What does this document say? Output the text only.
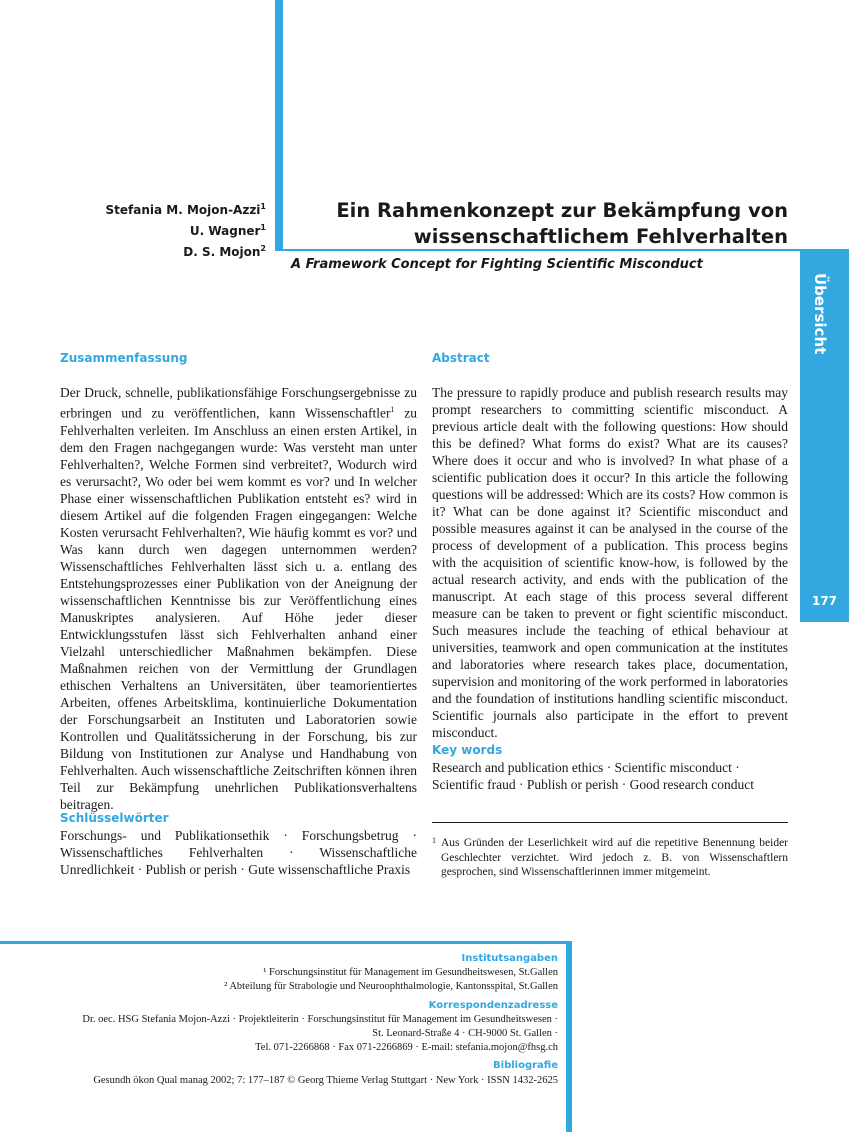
Übersicht
177
Stefania M. Mojon-Azzi$^1$
U. Wagner$^1$
D. S. Mojon$^2$
Ein Rahmenkonzept zur Bekämpfung von
wissenschaftlichem Fehlverhalten
A Framework Concept for Fighting Scientific Misconduct
Zusammenfassung

Der Druck, schnelle, publikationsfähige Forschungsergebnisse zu erbringen und zu veröffentlichen, kann Wissenschaftler$^1$ zu Fehlverhalten verleiten. Im Anschluss an einen ersten Artikel, in dem den Fragen nachgegangen wurde: Was versteht man unter Fehlverhalten?, Welche Formen sind verbreitet?, Wodurch wird es verursacht?, Wo oder bei wem kommt es vor? und In welcher Phase einer wissenschaftlichen Publikation entsteht es? wird in diesem Artikel auf die folgenden Fragen eingegangen: Welche Kosten verursacht Fehlverhalten?, Wie häufig kommt es vor? und Was kann durch wen dagegen unternommen werden? Wissenschaftliches Fehlverhalten lässt sich u. a. entlang des Entstehungsprozesses einer Publikation von der Aneignung der wissenschaftlichen Kenntnisse bis zur Veröffentlichung eines Manuskriptes analysieren. Auf Höhe jeder dieser Entwicklungsstufen lässt sich Fehlverhalten anhand einer Vielzahl unterschiedlicher Maßnahmen bekämpfen. Diese Maßnahmen reichen von der Vermittlung der Grundlagen ethischen Verhaltens an Universitäten, über teamorientiertes Arbeiten, offenes Arbeitsklima, kontinuierliche Dokumentation der Forschungsarbeit an Instituten und Laboratorien sowie Kontrollen und Qualitätssicherung in der Forschung, bis zur Bildung von Institutionen zur Analyse und Handhabung von Fehlverhalten. Auch wissenschaftliche Zeitschriften können ihren Teil zur Bekämpfung unehrlichen Publikationsverhaltens beitragen.

Schlüsselwörter

Forschungs- und Publikationsethik · Forschungsbetrug · Wissenschaftliches Fehlverhalten · Wissenschaftliche Unredlichkeit · Publish or perish · Gute wissenschaftliche Praxis

Abstract

The pressure to rapidly produce and publish research results may prompt researchers to committing scientific misconduct. A previous article dealt with the following questions: How should this be defined? What forms do exist? What are its causes? Where does it occur and who is involved? In what phase of a scientific publication does it occur? In this article the following questions will be addressed: Which are its costs? How common is it? What can be done against it? Scientific misconduct and possible measures against it can be analysed in the course of the process of development of a publication. This process begins with the acquisition of scientific know-how, is followed by the actual research activity, and ends with the publication of the manuscript. At each stage of this process several different measure can be taken to prevent or fight scientific misconduct. Such measures include the teaching of ethical behaviour at universities, teamwork and open communication at the institutes and laboratories where research takes place, documentation, supervision and monitoring of the work performed in laboratories and the foundation of institutions handling scientific misconduct. Scientific journals also participate in the effort to prevent misconduct.

Key words

Research and publication ethics · Scientific misconduct · Scientific fraud · Publish or perish · Good research conduct

1 Aus Gründen der Leserlichkeit wird auf die repetitive Benennung beider Geschlechter verzichtet. Wird jedoch z. B. von Wissenschaftlern gesprochen, sind Wissenschaftlerinnen immer mitgemeint.
Institutsangaben
¹ Forschungsinstitut für Management im Gesundheitswesen, St.Gallen
² Abteilung für Strabologie und Neuroophthalmologie, Kantonsspital, St.Gallen
Korrespondenzadresse
Dr. oec. HSG Stefania Mojon-Azzi · Projektleiterin · Forschungsinstitut für Management im Gesundheitswesen ·
St. Leonard-Straße 4 · CH-9000 St. Gallen ·
Tel. 071-2266868 · Fax 071-2266869 · E-mail: stefania.mojon@fhsg.ch
Bibliografie
Gesundh ökon Qual manag 2002; 7: 177–187 © Georg Thieme Verlag Stuttgart · New York · ISSN 1432-2625
